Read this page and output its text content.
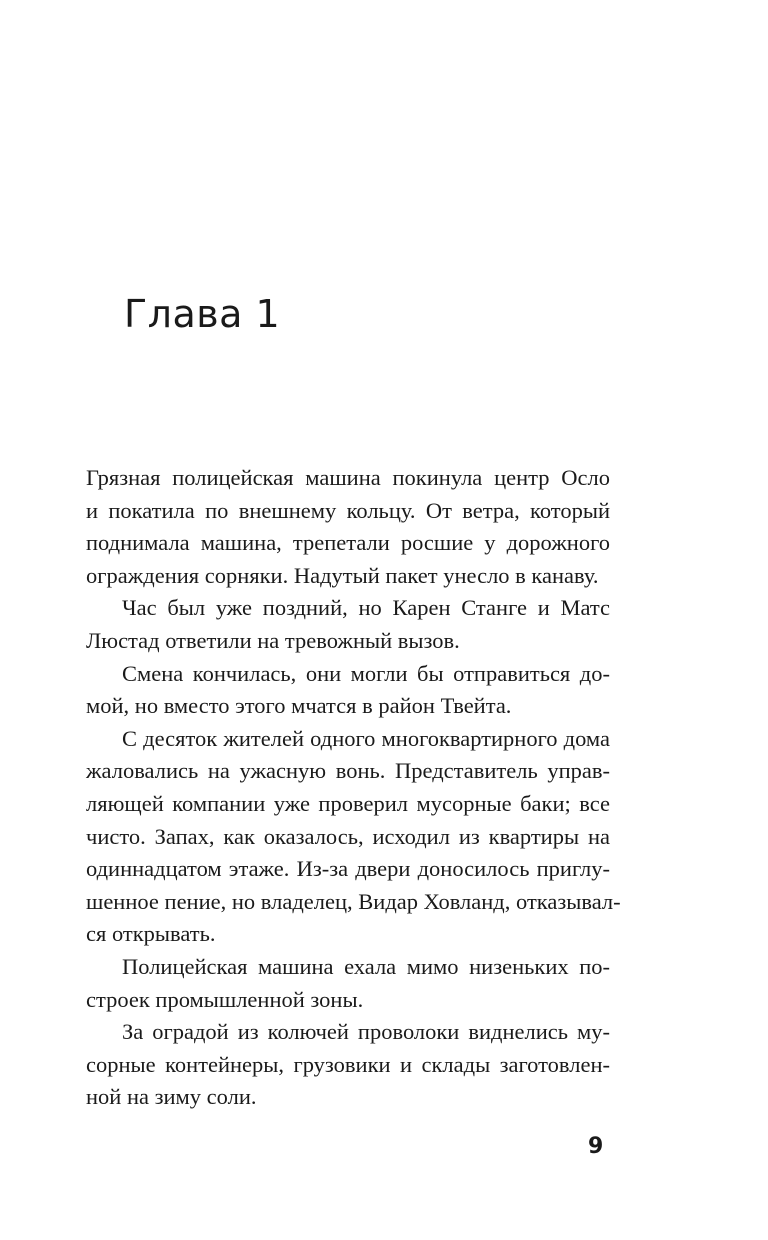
Глава 1

Грязная полицейская машина покинула центр Осло
и покатила по внешнему кольцу. От ветра, который
поднимала машина, трепетали росшие у дорожного
ограждения сорняки. Надутый пакет унесло в канаву.

Час был уже поздний, но Карен Станге и Матс
Люстад ответили на тревожный вызов.

Смена кончилась, они могли бы отправиться до-
мой, но вместо этого мчатся в район Твейта.

С десяток жителей одного многоквартирного дома
жаловались на ужасную вонь. Представитель управ-
ляющей компании уже проверил мусорные баки; все
чисто. Запах, как оказалось, исходил из квартиры на
одиннадцатом этаже. Из-за двери доносилось приглу-
шенное пение, но владелец, Видар Ховланд, отказывал-
ся открывать.

Полицейская машина ехала мимо низеньких по-
строек промышленной зоны.

За оградой из колючей проволоки виднелись му-
сорные контейнеры, грузовики и склады заготовлен-
ной на зиму соли.

9
